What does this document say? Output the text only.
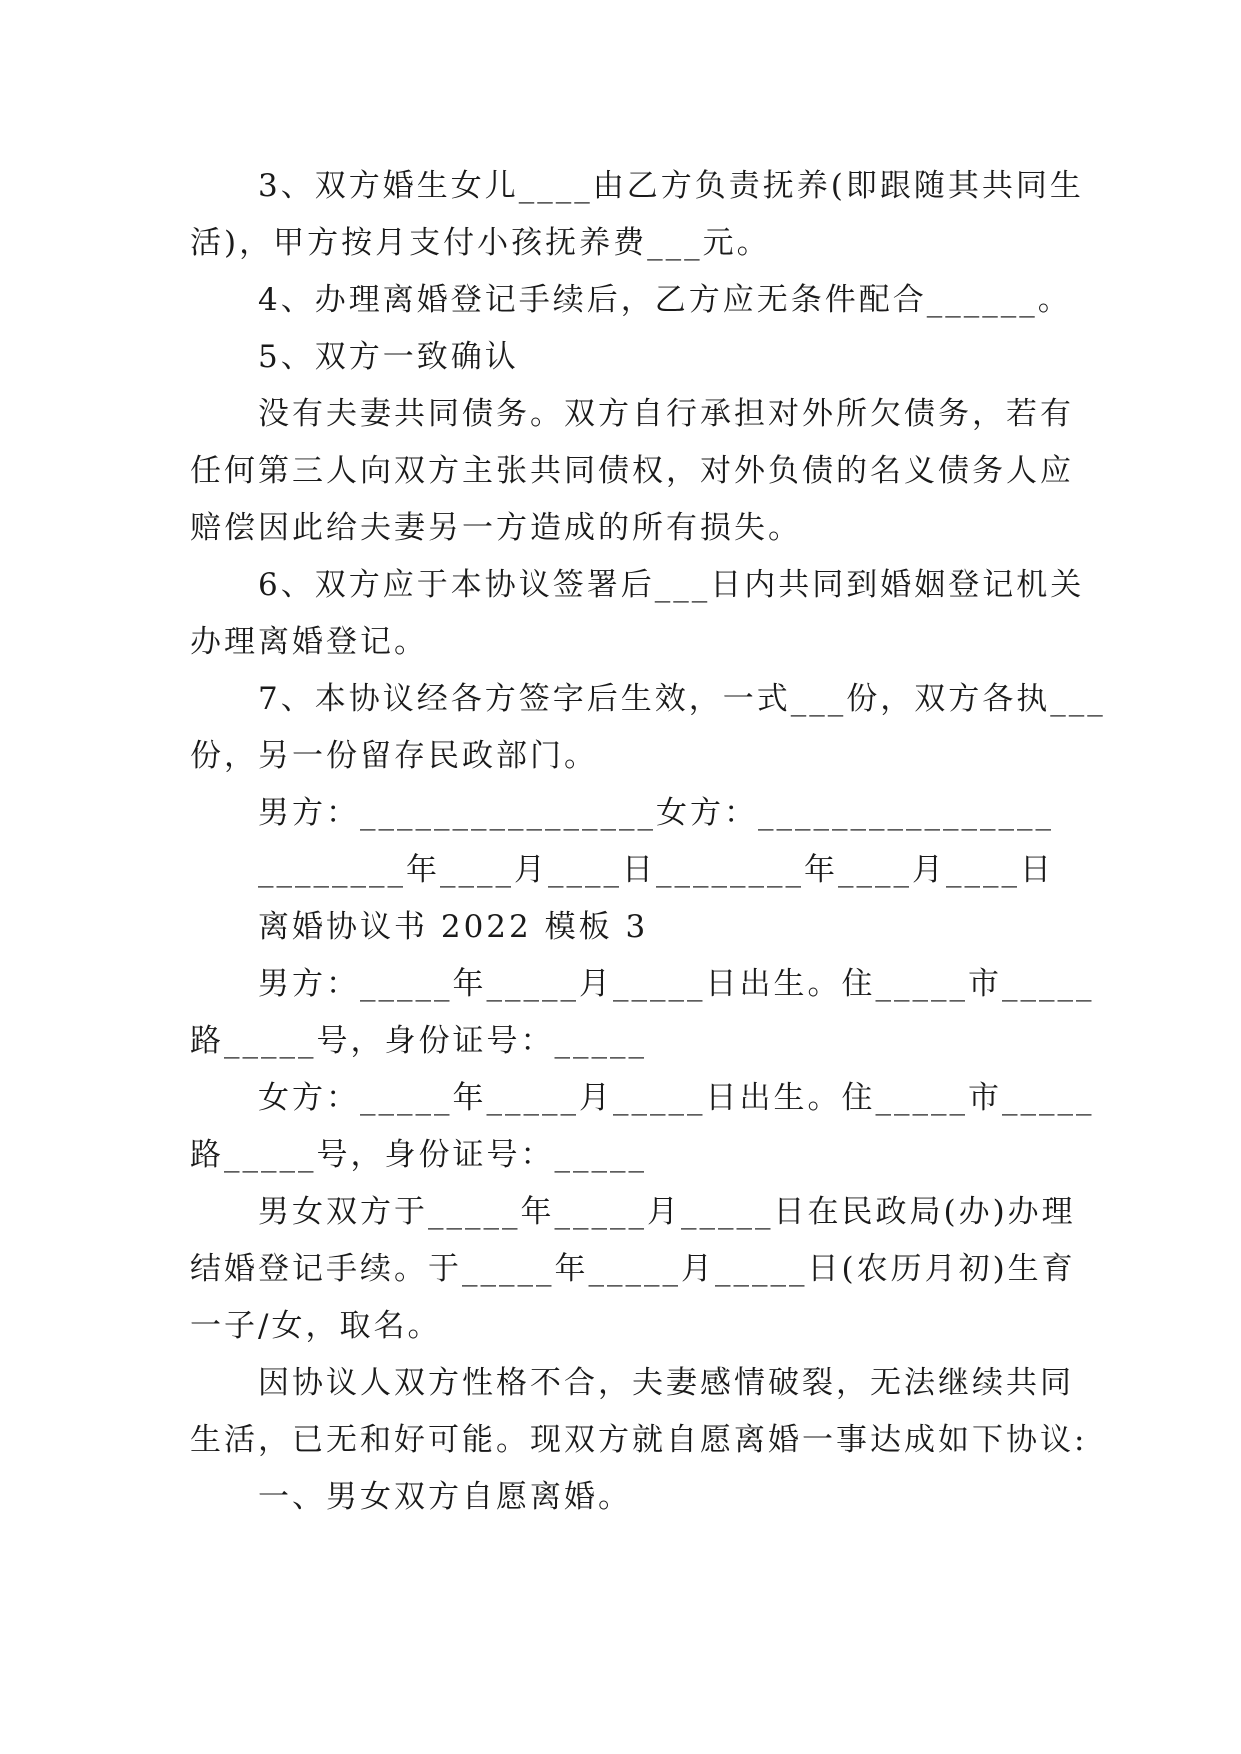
3、双方婚生女儿____由乙方负责抚养(即跟随其共同生
活)，甲方按月支付小孩抚养费___元。
4、办理离婚登记手续后，乙方应无条件配合______。
5、双方一致确认
没有夫妻共同债务。双方自行承担对外所欠债务，若有
任何第三人向双方主张共同债权，对外负债的名义债务人应
赔偿因此给夫妻另一方造成的所有损失。
6、双方应于本协议签署后___日内共同到婚姻登记机关
办理离婚登记。
7、本协议经各方签字后生效，一式___份，双方各执___
份，另一份留存民政部门。
男方：________________女方：________________
________年____月____日________年____月____日
离婚协议书 2022 模板 3
男方：_____年_____月_____日出生。住_____市_____
路_____号，身份证号：_____
女方：_____年_____月_____日出生。住_____市_____
路_____号，身份证号：_____
男女双方于_____年_____月_____日在民政局(办)办理
结婚登记手续。于_____年_____月_____日(农历月初)生育
一子/女，取名。
因协议人双方性格不合，夫妻感情破裂，无法继续共同
生活，已无和好可能。现双方就自愿离婚一事达成如下协议:
一、男女双方自愿离婚。
